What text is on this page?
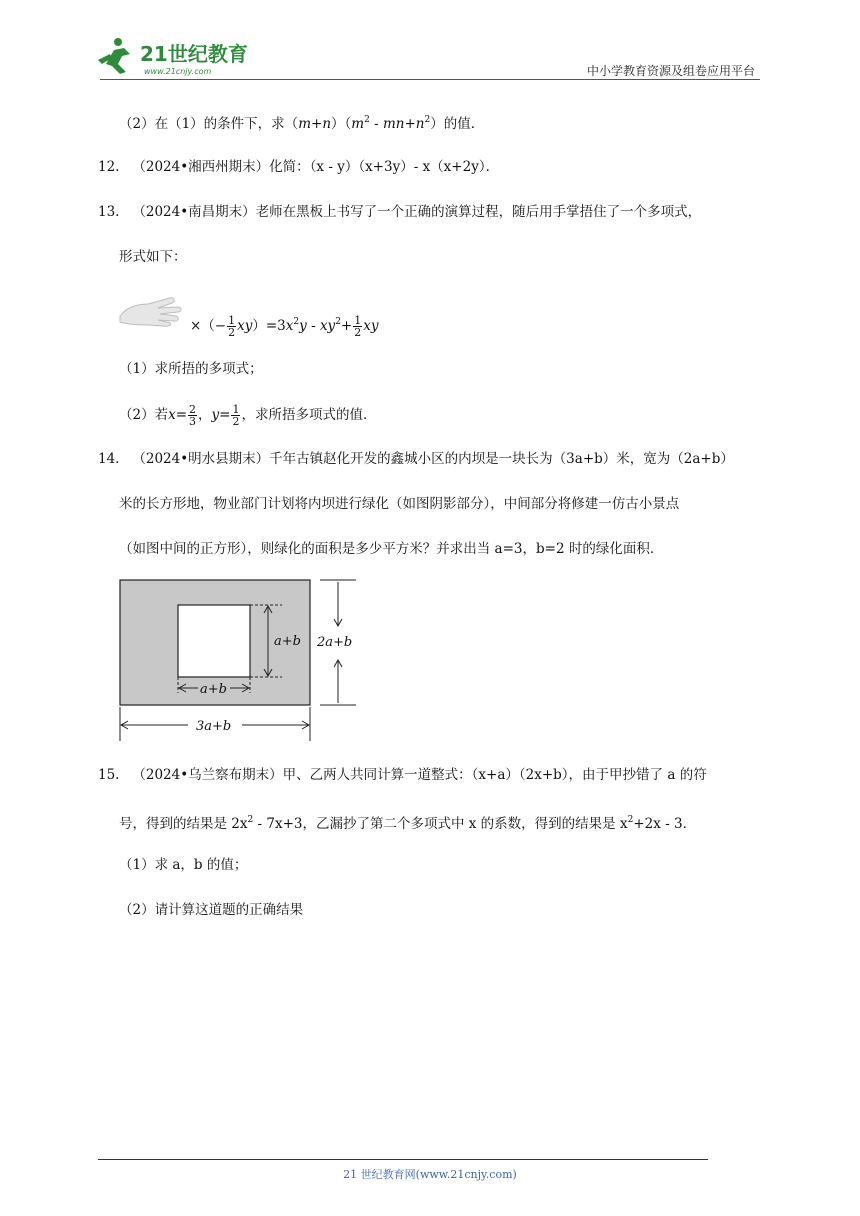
21世纪教育
www.21cnjy.com	中小学教育资源及组卷应用平台
（2）在（1）的条件下，求$(m+n)(m^2 - mn+n^2)$的值．
12. （2024•湘西州期末）化简：（x - y）（x+3y）- x（x+2y）．
13. （2024•南昌期末）老师在黑板上书写了一个正确的演算过程，随后用手掌捂住了一个多项式，
形式如下：
×（− $\frac{1}{2} xy)=3x^2y - xy^2+ \frac{1}{2}$ xy
（1）求所捂的多项式；
（2）若$x= \frac{2}{3}$ ，$y= \frac{1}{2}$ ，求所捂多项式的值．
14. （2024•明水县期末）千年古镇赵化开发的鑫城小区的内坝是一块长为（3a+b）米，宽为（2a+b）
米的长方形地，物业部门计划将内坝进行绿化（如图阴影部分），中间部分将修建一仿古小景点
（如图中间的正方形），则绿化的面积是多少平方米？并求出当 a=3，b=2 时的绿化面积．
a+b
a+b
2a+b
3a+b
15. （2024•乌兰察布期末）甲、乙两人共同计算一道整式：（x+a）（2x+b），由于甲抄错了 a 的符
号，得到的结果是 $2x^2 - 7x+3$，乙漏抄了第二个多项式中 x 的系数，得到的结果是 $x^2+2x - 3$．
（1）求 a，b 的值；
（2）请计算这道题的正确结果
21 世纪教育网(www.21cnjy.com)
